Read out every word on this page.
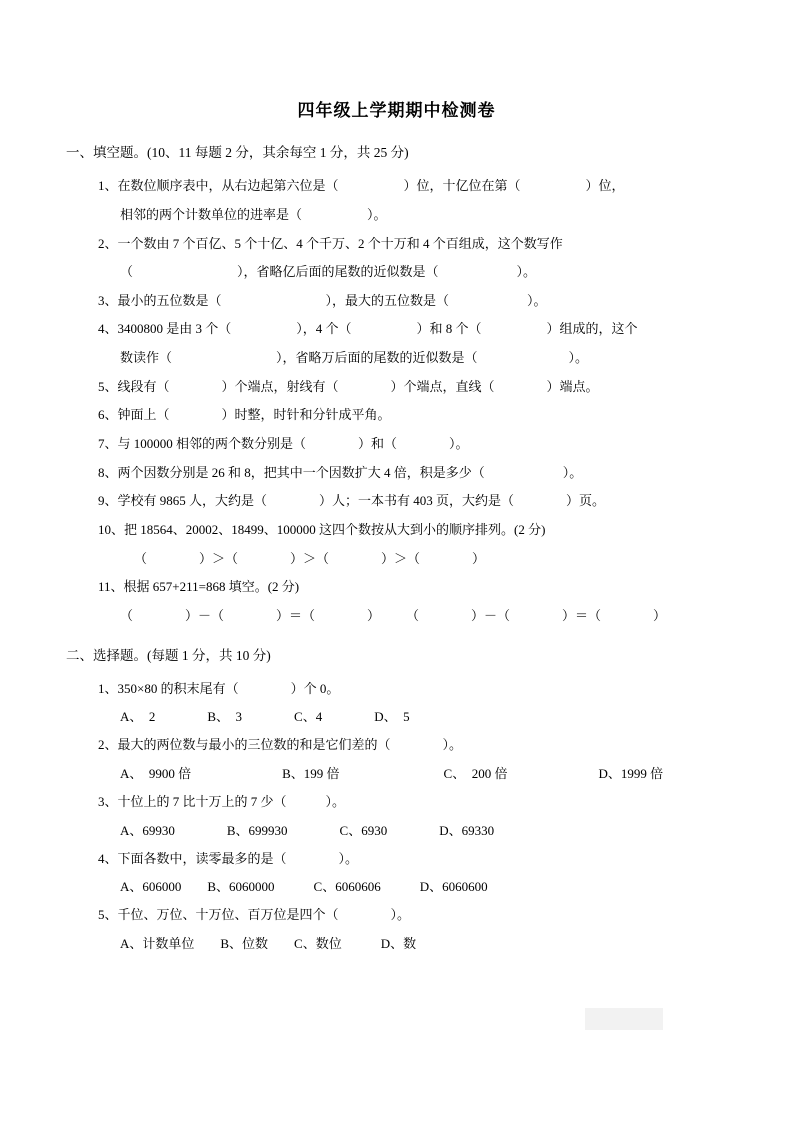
四年级上学期期中检测卷
一、填空题。(10、11 每题 2 分，其余每空 1 分，共 25 分)
1、在数位顺序表中，从右边起第六位是（　　　　　）位，十亿位在第（　　　　　）位，
相邻的两个计数单位的进率是（　　　　　）。
2、一个数由 7 个百亿、5 个十亿、4 个千万、2 个十万和 4 个百组成，这个数写作
（　　　　　　　　），省略亿后面的尾数的近似数是（　　　　　　）。
3、最小的五位数是（　　　　　　　　），最大的五位数是（　　　　　　）。
4、3400800 是由 3 个（　　　　　），4 个（　　　　　）和 8 个（　　　　　）组成的，这个
数读作（　　　　　　　　），省略万后面的尾数的近似数是（　　　　　　　）。
5、线段有（　　　　）个端点，射线有（　　　　）个端点，直线（　　　　）端点。
6、钟面上（　　　　）时整，时针和分针成平角。
7、与 100000 相邻的两个数分别是（　　　　）和（　　　　）。
8、两个因数分别是 26 和 8，把其中一个因数扩大 4 倍，积是多少（　　　　　　）。
9、学校有 9865 人，大约是（　　　　）人；一本书有 403 页，大约是（　　　　）页。
10、把 18564、20002、18499、100000 这四个数按从大到小的顺序排列。(2 分)
（　　　　）＞（　　　　）＞（　　　　）＞（　　　　）
11、根据 657+211=868 填空。(2 分)
（　　　　）－（　　　　）＝（　　　　）　　　（　　　　）－（　　　　）＝（　　　　）
二、选择题。(每题 1 分，共 10 分)
1、350×80 的积末尾有（　　　　）个 0。
A、　2　　　　B、　3　　　　C、4　　　　D、　5
2、最大的两位数与最小的三位数的和是它们差的（　　　　）。
A、　9900 倍　　　　　　　B、199 倍　　　　　　　　C、　200 倍　　　　　　　D、1999 倍
3、十位上的 7 比十万上的 7 少（　　　）。
A、69930　　　　B、699930　　　　C、6930　　　　D、69330
4、下面各数中，读零最多的是（　　　　）。
A、606000　　B、6060000　　　C、6060606　　　D、6060600
5、千位、万位、十万位、百万位是四个（　　　　）。
A、计数单位　　B、位数　　C、数位　　　D、数
